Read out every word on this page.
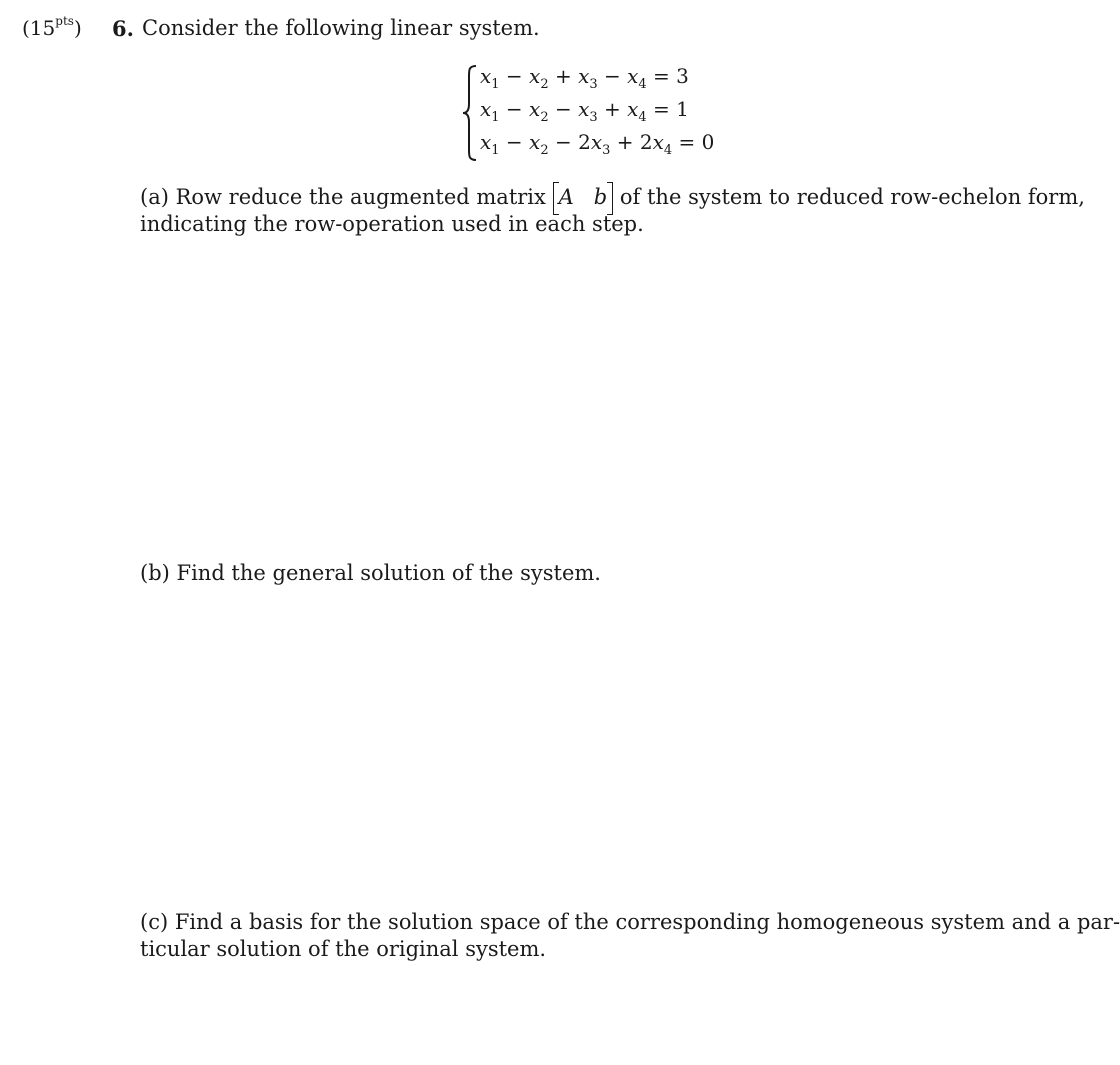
$(15^{pts})$ 6. Consider the following linear system.
$x_1 - x_2 + x_3 - x_4 = 3$
$x_1 - x_2 - x_3 + x_4 = 1$
$x_1 - x_2 - 2x_3 + 2x_4 = 0$
(a) Row reduce the augmented matrix A b of the system to reduced row-echelon form,
indicating the row-operation used in each step.
(b) Find the general solution of the system.
(c) Find a basis for the solution space of the corresponding homogeneous system and a par-
ticular solution of the original system.
